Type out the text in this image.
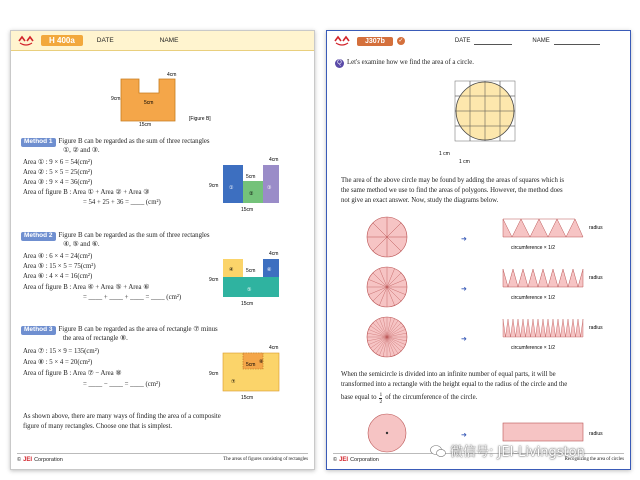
H 400a	DATE	NAME
4cm
9cm
5cm
15cm
[Figure B]
Method 1 Figure B can be regarded as the sum of three rectangles
①, ② and ③.
Area ① : 9 × 6 = 54(cm²)
Area ② : 5 × 5 = 25(cm²)
Area ③ : 9 × 4 = 36(cm²)
Area of figure B : Area ① + Area ② + Area ③
= 54 + 25 + 36 = ____ (cm²)
4cm
9cm
5cm
15cm
①
②
③
Method 2 Figure B can be regarded as the sum of three rectangles
④, ⑤ and ⑥.
Area ④ : 6 × 4 = 24(cm²)
Area ⑤ : 15 × 5 = 75(cm²)
Area ⑥ : 4 × 4 = 16(cm²)
Area of figure B : Area ④ + Area ⑤ + Area ⑥
= ____ + ____ + ____ = ____ (cm²)
4cm
9cm
5cm
15cm
④
⑤
⑥
Method 3 Figure B can be regarded as the area of rectangle ⑦ minus
the area of rectangle ⑧.
Area ⑦ : 15 × 9 = 135(cm²)
Area ⑧ : 5 × 4 = 20(cm²)
Area of figure B : Area ⑦ − Area ⑧
= ____ − ____ = ____ (cm²)
4cm
9cm
5cm
15cm
⑦
⑧
As shown above, there are many ways of finding the area of a composite
figure of many rectangles. Choose one that is simplest.
© JEI Corporation	The areas of figures consisting of rectangles
J307b	✓	DATE	NAME
Q Let's examine how we find the area of a circle.
1 cm
1 cm
The area of the above circle may be found by adding the areas of squares which is
the same method we use to find the areas of polygons. However, the method does
not give an exact answer. Now, study the diagrams below.
➜
radius
circumference × 1/2
➜
radius
circumference × 1/2
➜
radius
circumference × 1/2
When the semicircle is divided into an infinite number of equal parts, it will be
transformed into a rectangle with the height equal to the radius of the circle and the
base equal to $\frac{1}{2}$ of the circumference of the circle.
➜	radius
© JEI Corporation	Recognizing the area of circles
微信号: JEI-Livingston
